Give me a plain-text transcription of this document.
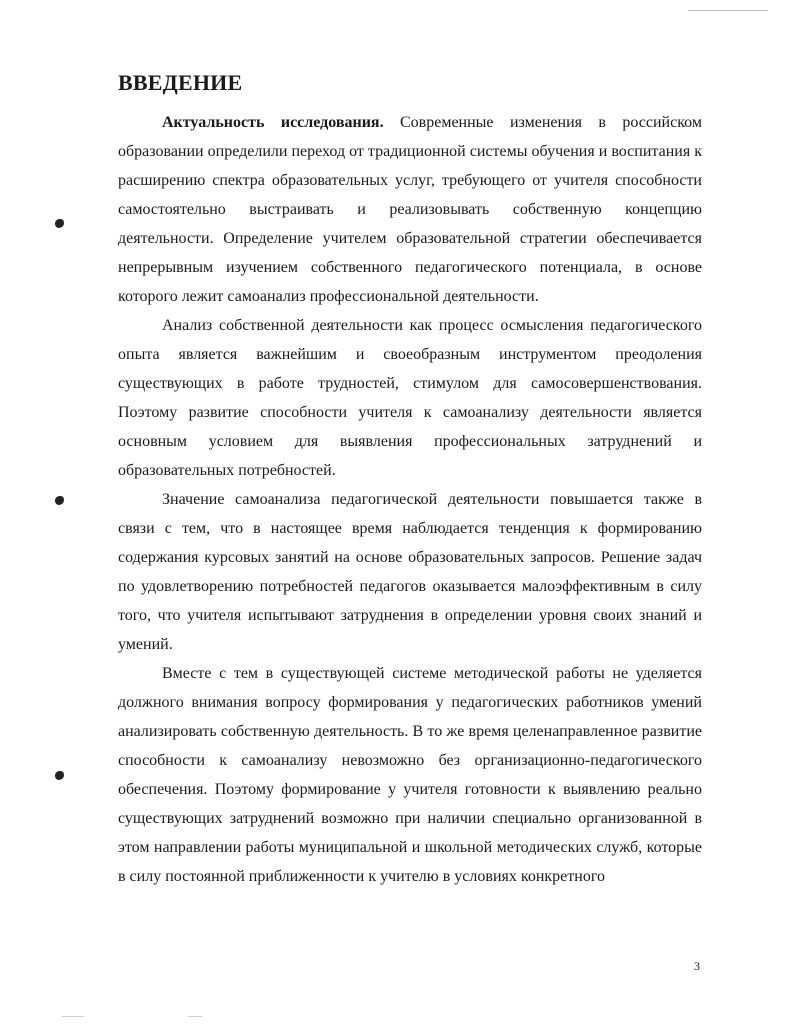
ВВЕДЕНИЕ

Актуальность исследования. Современные изменения в российском образовании определили переход от традиционной системы обучения и воспитания к расширению спектра образовательных услуг, требующего от учителя способности самостоятельно выстраивать и реализовывать собственную концепцию деятельности. Определение учителем образовательной стратегии обеспечивается непрерывным изучением собственного педагогического потенциала, в основе которого лежит самоанализ профессиональной деятельности.

Анализ собственной деятельности как процесс осмысления педагогического опыта является важнейшим и своеобразным инструментом преодоления существующих в работе трудностей, стимулом для самосовершенствования. Поэтому развитие способности учителя к самоанализу деятельности является основным условием для выявления профессиональных затруднений и образовательных потребностей.

Значение самоанализа педагогической деятельности повышается также в связи с тем, что в настоящее время наблюдается тенденция к формированию содержания курсовых занятий на основе образовательных запросов. Решение задач по удовлетворению потребностей педагогов оказывается малоэффективным в силу того, что учителя испытывают затруднения в определении уровня своих знаний и умений.

Вместе с тем в существующей системе методической работы не уделяется должного внимания вопросу формирования у педагогических работников умений анализировать собственную деятельность. В то же время целенаправленное развитие способности к самоанализу невозможно без организационно-педагогического обеспечения. Поэтому формирование у учителя готовности к выявлению реально существующих затруднений возможно при наличии специально организованной в этом направлении работы муниципальной и школьной методических служб, которые в силу постоянной приближенности к учителю в условиях конкретного

3
